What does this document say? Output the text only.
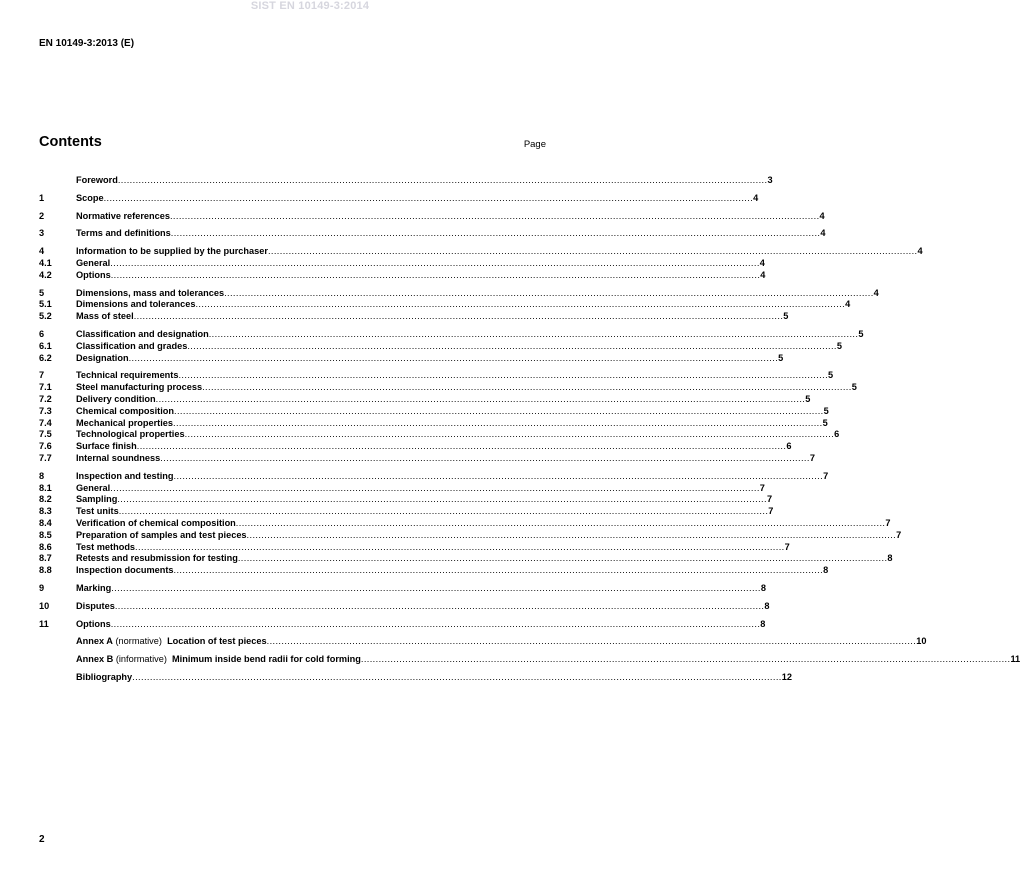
SIST EN 10149-3:2014
EN 10149-3:2013 (E)
Contents	Page
Foreword ............................................................................................................................................................................................................................ 3
1	Scope ............................................................................................................................................................................................................................ 4
2	Normative references ............................................................................................................................................................................................................................ 4
3	Terms and definitions ............................................................................................................................................................................................................................ 4
4	Information to be supplied by the purchaser ............................................................................................................................................................................................................................ 4
4.1	General ............................................................................................................................................................................................................................ 4
4.2	Options ............................................................................................................................................................................................................................ 4
5	Dimensions, mass and tolerances ............................................................................................................................................................................................................................ 4
5.1	Dimensions and tolerances ............................................................................................................................................................................................................................ 4
5.2	Mass of steel ............................................................................................................................................................................................................................ 5
6	Classification and designation ............................................................................................................................................................................................................................ 5
6.1	Classification and grades ............................................................................................................................................................................................................................ 5
6.2	Designation ............................................................................................................................................................................................................................ 5
7	Technical requirements ............................................................................................................................................................................................................................ 5
7.1	Steel manufacturing process ............................................................................................................................................................................................................................ 5
7.2	Delivery condition ............................................................................................................................................................................................................................ 5
7.3	Chemical composition ............................................................................................................................................................................................................................ 5
7.4	Mechanical properties ............................................................................................................................................................................................................................ 5
7.5	Technological properties ............................................................................................................................................................................................................................ 6
7.6	Surface finish ............................................................................................................................................................................................................................ 6
7.7	Internal soundness ............................................................................................................................................................................................................................ 7
8	Inspection and testing ............................................................................................................................................................................................................................ 7
8.1	General ............................................................................................................................................................................................................................ 7
8.2	Sampling ............................................................................................................................................................................................................................ 7
8.3	Test units ............................................................................................................................................................................................................................ 7
8.4	Verification of chemical composition ............................................................................................................................................................................................................................ 7
8.5	Preparation of samples and test pieces ............................................................................................................................................................................................................................ 7
8.6	Test methods ............................................................................................................................................................................................................................ 7
8.7	Retests and resubmission for testing ............................................................................................................................................................................................................................ 8
8.8	Inspection documents ............................................................................................................................................................................................................................ 8
9	Marking ............................................................................................................................................................................................................................ 8
10	Disputes ............................................................................................................................................................................................................................ 8
11	Options ............................................................................................................................................................................................................................ 8
Annex A (normative)  Location of test pieces ............................................................................................................................................................................................................................ 10
Annex B (informative)  Minimum inside bend radii for cold forming ............................................................................................................................................................................................................................ 11
Bibliography ............................................................................................................................................................................................................................ 12
2
